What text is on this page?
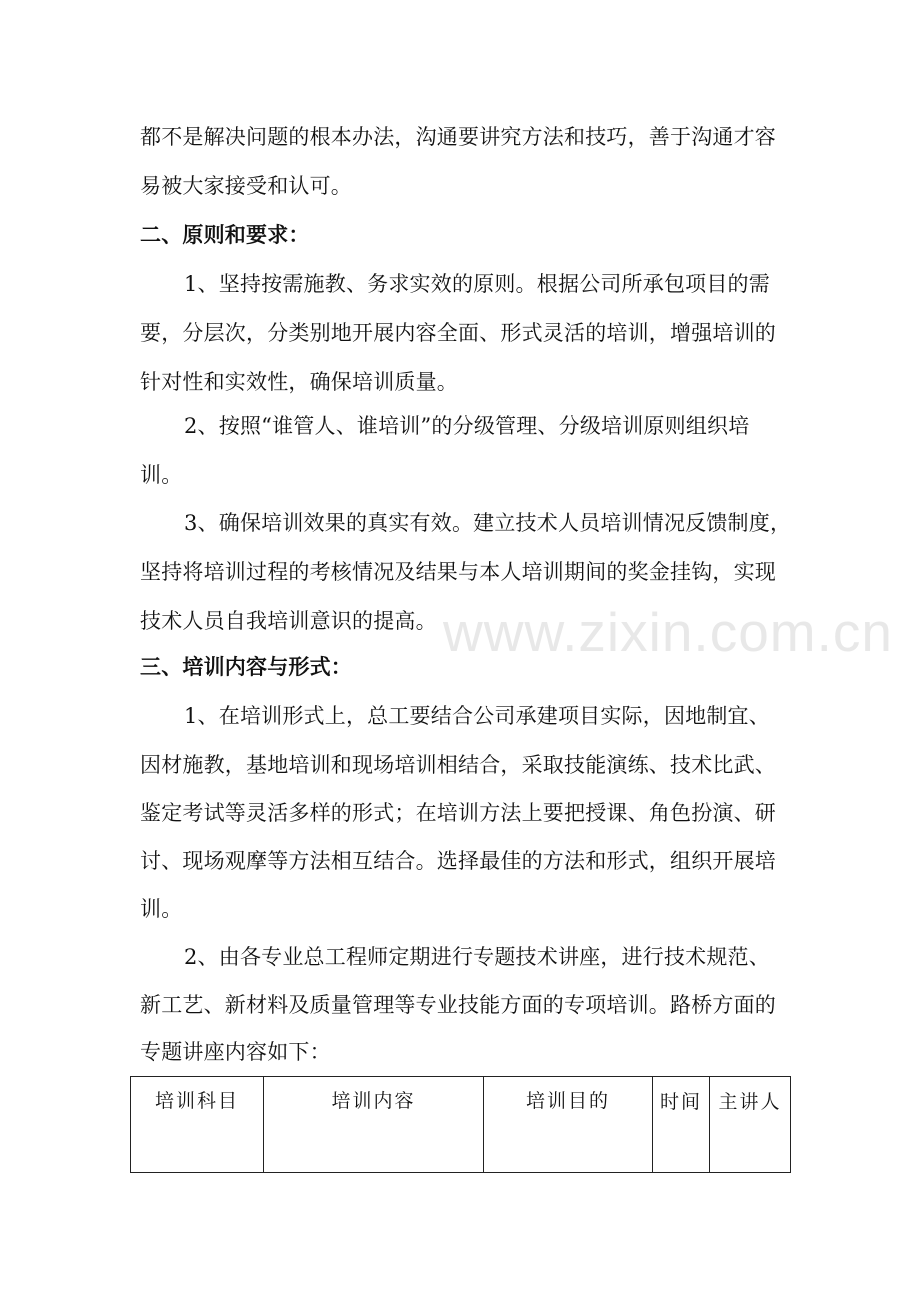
www.zixin.com.cn
都不是解决问题的根本办法，沟通要讲究方法和技巧，善于沟通才容
易被大家接受和认可。
二、原则和要求：
1、坚持按需施教、务求实效的原则。根据公司所承包项目的需
要，分层次，分类别地开展内容全面、形式灵活的培训，增强培训的
针对性和实效性，确保培训质量。
2、按照“谁管人、谁培训”的分级管理、分级培训原则组织培
训。
3、确保培训效果的真实有效。建立技术人员培训情况反馈制度，
坚持将培训过程的考核情况及结果与本人培训期间的奖金挂钩，实现
技术人员自我培训意识的提高。
三、培训内容与形式：
1、在培训形式上，总工要结合公司承建项目实际，因地制宜、
因材施教，基地培训和现场培训相结合，采取技能演练、技术比武、
鉴定考试等灵活多样的形式；在培训方法上要把授课、角色扮演、研
讨、现场观摩等方法相互结合。选择最佳的方法和形式，组织开展培
训。
2、由各专业总工程师定期进行专题技术讲座，进行技术规范、
新工艺、新材料及质量管理等专业技能方面的专项培训。路桥方面的
专题讲座内容如下：
培训科目	培训内容	培训目的	时间	主讲人
